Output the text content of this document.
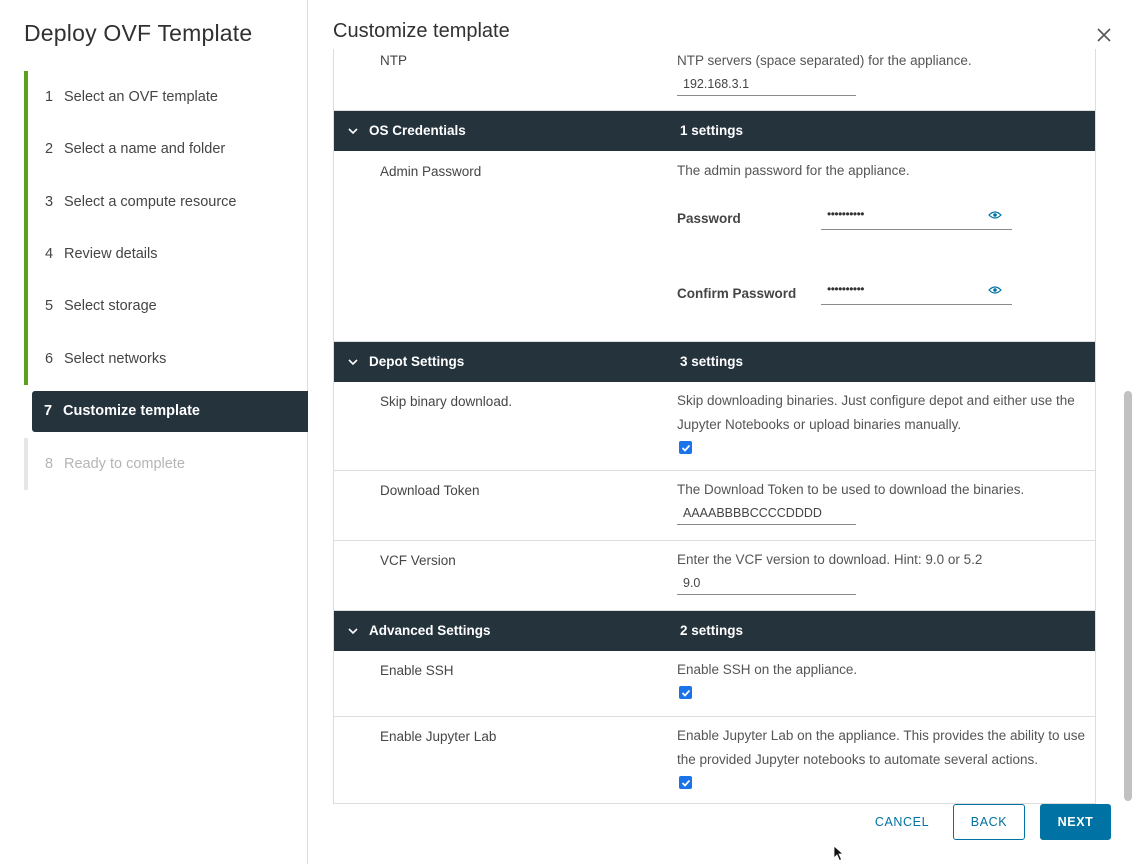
Deploy OVF Template
1 Select an OVF template
2 Select a name and folder
3 Select a compute resource
4 Review details
5 Select storage
6 Select networks
7 Customize template
8 Ready to complete
Customize template
NTP	NTP servers (space separated) for the appliance.
192.168.3.1
OS Credentials	1 settings
Admin Password	The admin password for the appliance.
Password	••••••••••
Confirm Password	••••••••••
Depot Settings	3 settings
Skip binary download.	Skip downloading binaries. Just configure depot and either use the Jupyter Notebooks or upload binaries manually.
Download Token	The Download Token to be used to download the binaries.
AAAABBBBCCCCDDDD
VCF Version	Enter the VCF version to download. Hint: 9.0 or 5.2
9.0
Advanced Settings	2 settings
Enable SSH	Enable SSH on the appliance.
Enable Jupyter Lab	Enable Jupyter Lab on the appliance. This provides the ability to use the provided Jupyter notebooks to automate several actions.
CANCEL	BACK	NEXT
